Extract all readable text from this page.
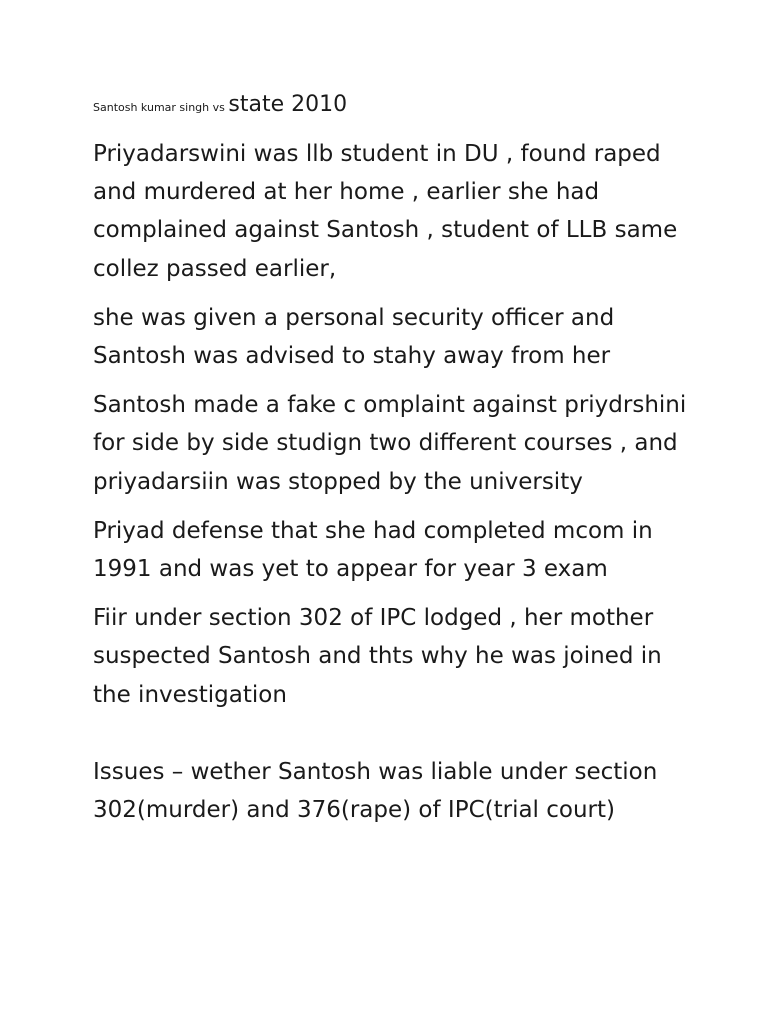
Santosh kumar singh vs state 2010

Priyadarswini was llb student in DU , found raped and murdered at her home , earlier she had complained against Santosh , student of LLB same collez passed earlier,

she was given a personal security officer and Santosh was advised to stahy away from her

Santosh made a fake c omplaint against priydrshini for side by side studign two different courses , and priyadarsiin was stopped by the university

Priyad defense that she had completed mcom in 1991 and was yet to appear for year 3 exam

Fiir under section 302 of IPC lodged , her mother suspected Santosh and thts why he was joined in the investigation

Issues – wether Santosh was liable under section 302(murder) and 376(rape) of IPC(trial court)
